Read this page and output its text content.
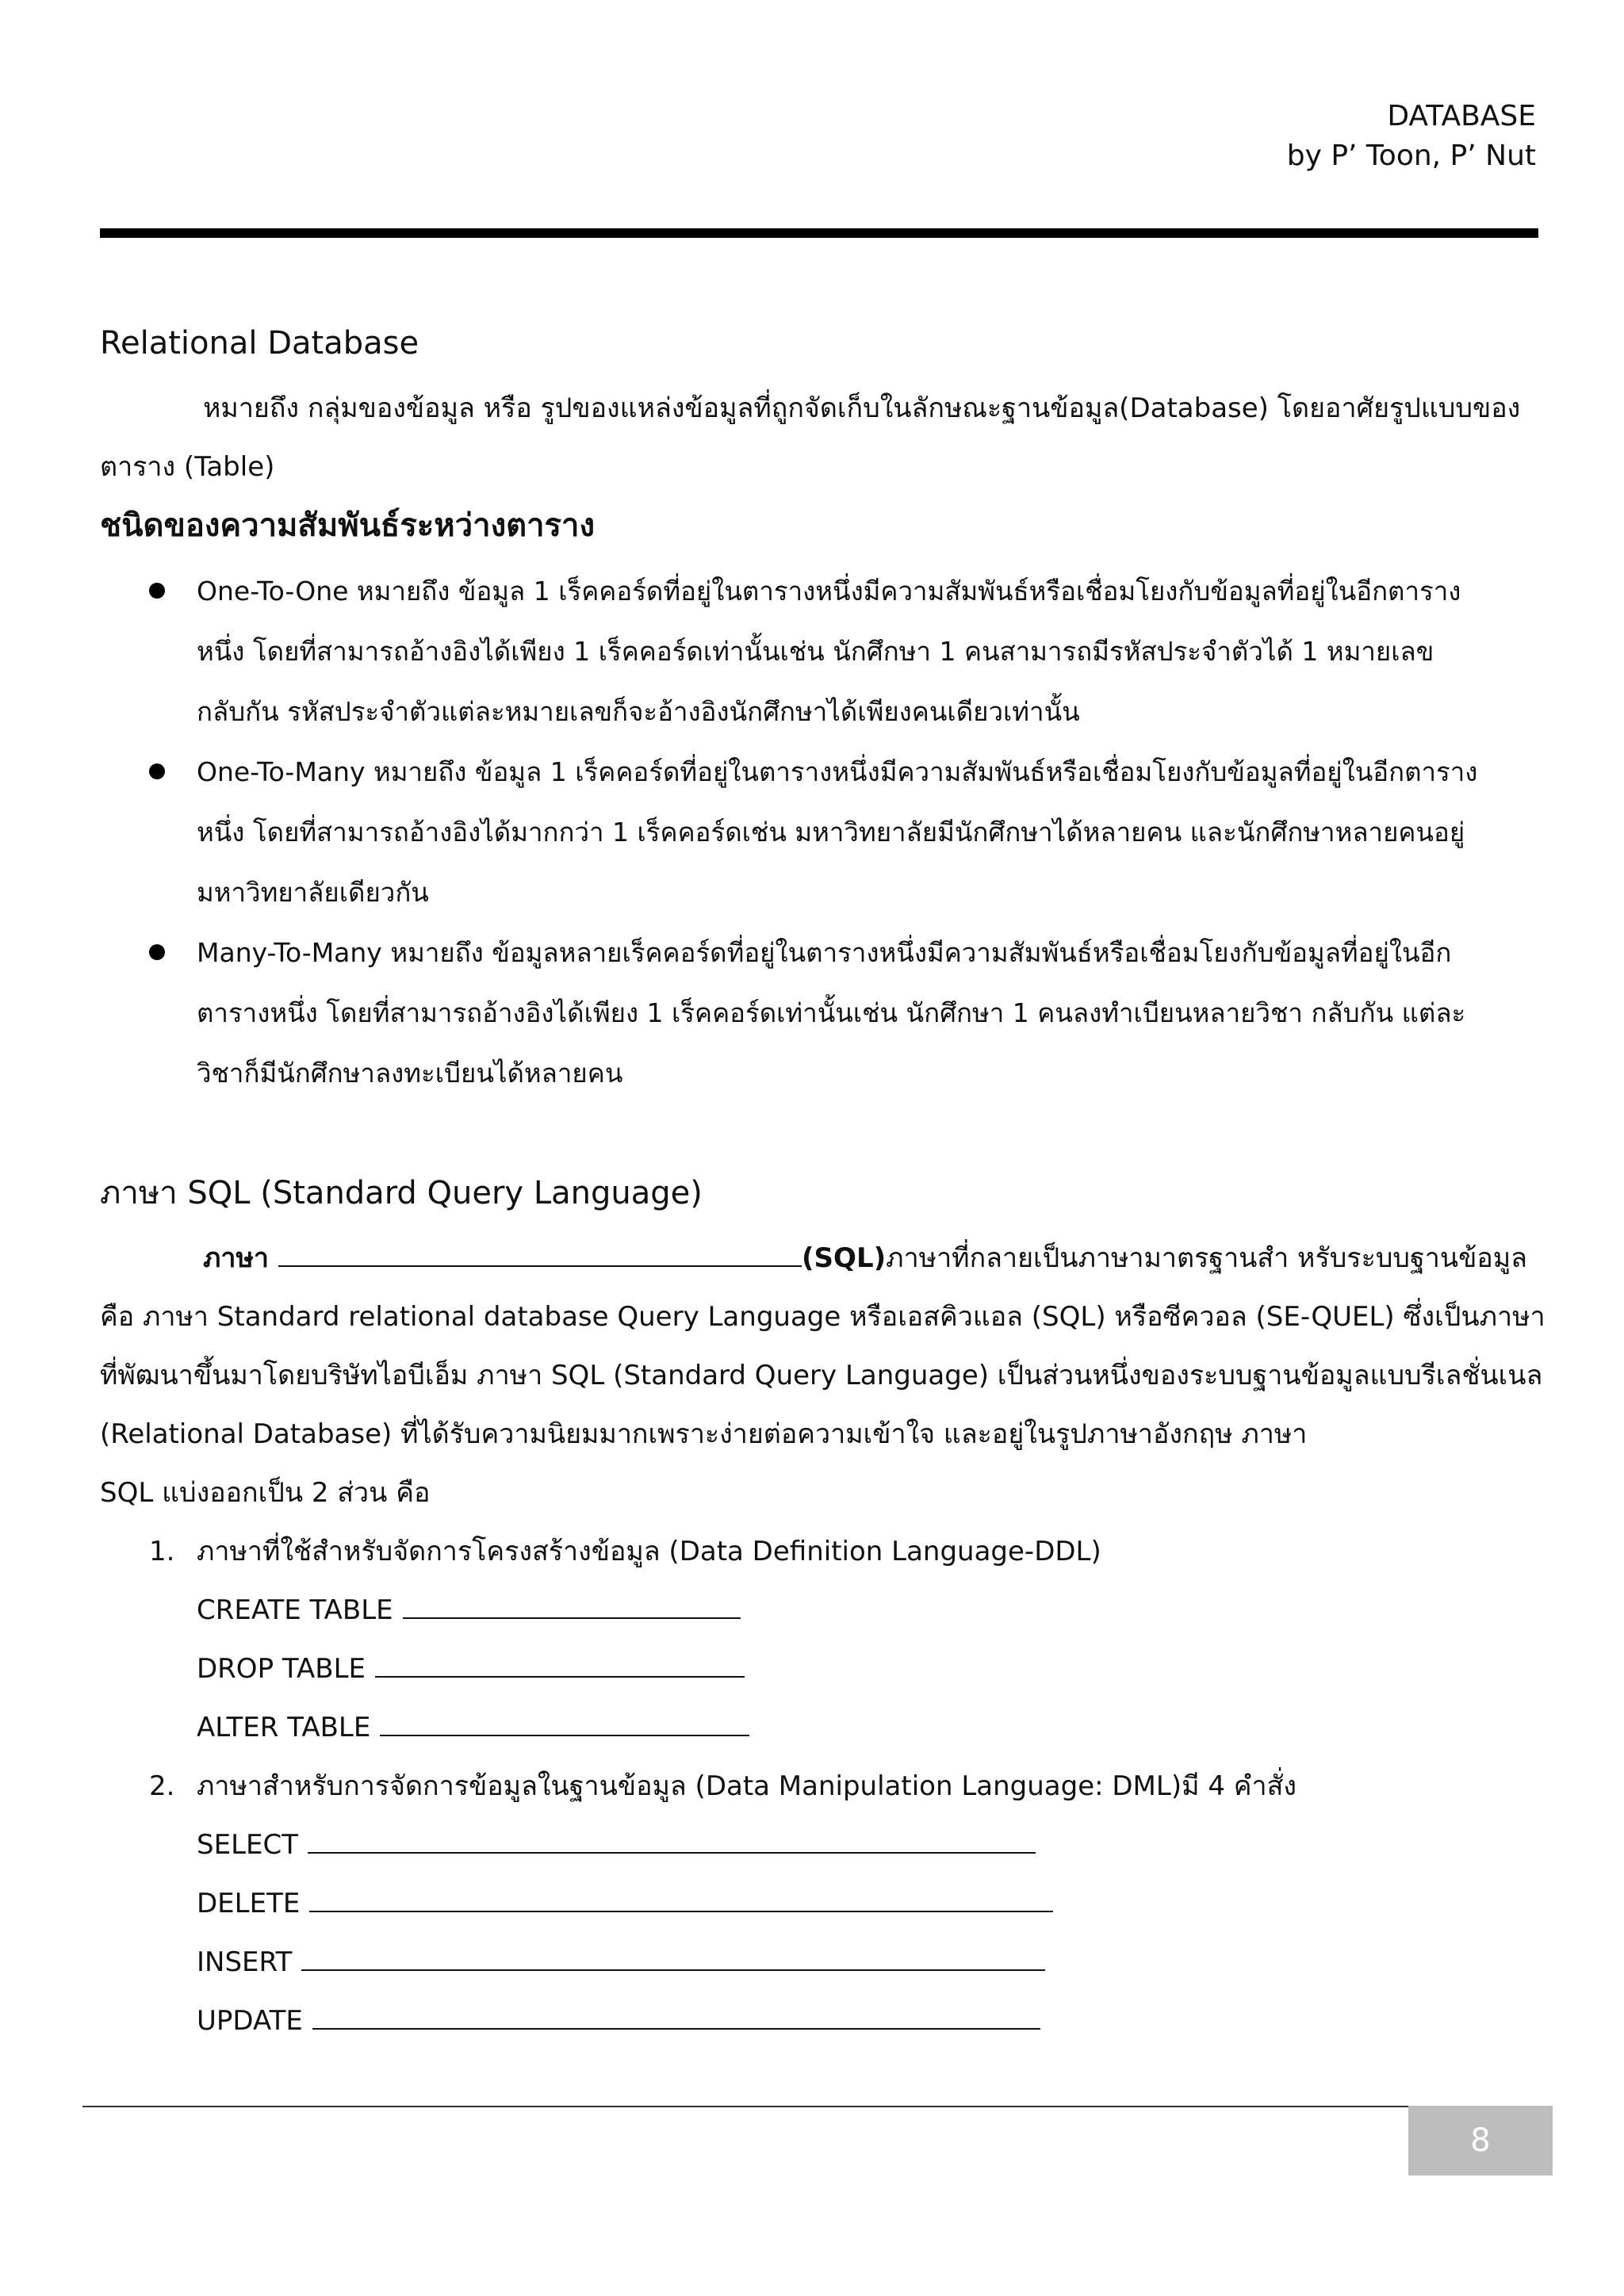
DATABASE
by P’ Toon, P’ Nut
Relational Database
หมายถึง กลุ่มของข้อมูล หรือ รูปของแหล่งข้อมูลที่ถูกจัดเก็บในลักษณะฐานข้อมูล(Database) โดยอาศัยรูปแบบของ
ตาราง (Table)
ชนิดของความสัมพันธ์ระหว่างตาราง
One-To-One หมายถึง ข้อมูล 1 เร็คคอร์ดที่อยู่ในตารางหนึ่งมีความสัมพันธ์หรือเชื่อมโยงกับข้อมูลที่อยู่ในอีกตาราง
หนึ่ง โดยที่สามารถอ้างอิงได้เพียง 1 เร็คคอร์ดเท่านั้นเช่น นักศึกษา 1 คนสามารถมีรหัสประจำตัวได้ 1 หมายเลข
กลับกัน รหัสประจำตัวแต่ละหมายเลขก็จะอ้างอิงนักศึกษาได้เพียงคนเดียวเท่านั้น
One-To-Many หมายถึง ข้อมูล 1 เร็คคอร์ดที่อยู่ในตารางหนึ่งมีความสัมพันธ์หรือเชื่อมโยงกับข้อมูลที่อยู่ในอีกตาราง
หนึ่ง โดยที่สามารถอ้างอิงได้มากกว่า 1 เร็คคอร์ดเช่น มหาวิทยาลัยมีนักศึกษาได้หลายคน และนักศึกษาหลายคนอยู่
มหาวิทยาลัยเดียวกัน
Many-To-Many หมายถึง ข้อมูลหลายเร็คคอร์ดที่อยู่ในตารางหนึ่งมีความสัมพันธ์หรือเชื่อมโยงกับข้อมูลที่อยู่ในอีก
ตารางหนึ่ง โดยที่สามารถอ้างอิงได้เพียง 1 เร็คคอร์ดเท่านั้นเช่น นักศึกษา 1 คนลงทำเบียนหลายวิชา กลับกัน แต่ละ
วิชาก็มีนักศึกษาลงทะเบียนได้หลายคน
ภาษา SQL (Standard Query Language)
ภาษา	(SQL)ภาษาที่กลายเป็นภาษามาตรฐานสำ หรับระบบฐานข้อมูล
คือ ภาษา Standard relational database Query Language หรือเอสคิวแอล (SQL) หรือซีควอล (SE-QUEL) ซึ่งเป็นภาษา
ที่พัฒนาขึ้นมาโดยบริษัทไอบีเอ็ม ภาษา SQL (Standard Query Language) เป็นส่วนหนึ่งของระบบฐานข้อมูลแบบรีเลชั่นเนล
(Relational Database) ที่ได้รับความนิยมมากเพราะง่ายต่อความเข้าใจ และอยู่ในรูปภาษาอังกฤษ ภาษา
SQL แบ่งออกเป็น 2 ส่วน คือ
1. ภาษาที่ใช้สำหรับจัดการโครงสร้างข้อมูล (Data Definition Language-DDL)
CREATE TABLE
DROP TABLE
ALTER TABLE
2. ภาษาสำหรับการจัดการข้อมูลในฐานข้อมูล (Data Manipulation Language: DML)มี 4 คำสั่ง
SELECT
DELETE
INSERT
UPDATE
8
